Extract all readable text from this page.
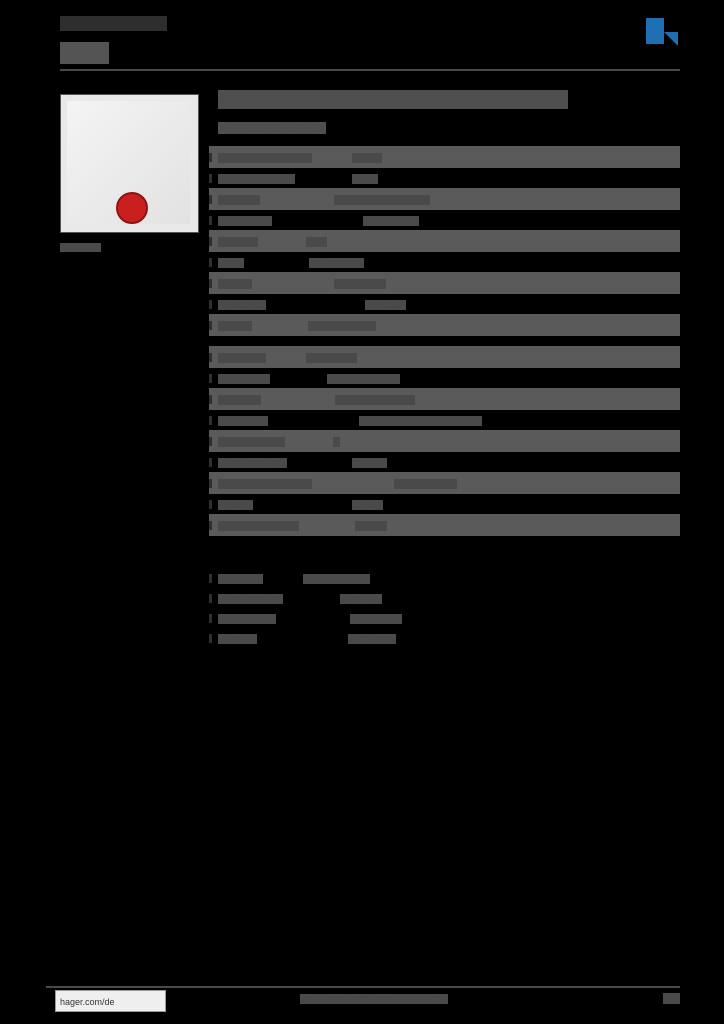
WYW220S1400
1400
WYW220S
Kontrollschalter 10 AX 250 V~ aus/wechsel
Produktbeschreibung
Bemessungsspannung	250 V~
Bemessungsstrom	10 AX
Schaltung	Aus-/Wechselschaltung
Anschlussart	Steckklemme
Schutzart	IP20
Farbe	verkehrsweiß
Material	Thermoplast
Montageart	Unterputz
Normen	DIN EN 60669-1
Ausführung	mit Linse rot
Beleuchtung	LED-Beleuchtung
Kontaktart	Schließer/Wechsler
Befestigung	Schraub- und Krallbefestigung
Klemmenanzahl	4
Leiterquerschnitt	1,5 mm²
Umgebungstemperatur	-5 °C ... +45 °C
Gewicht	0,05 kg
Verpackungseinheit	1 Stück
EAN-Code	3250617700122
Zolltarifnummer	85365080
Herkunftsland	Deutschland
Lieferzeit	auf Anfrage
hager.com/de	Technische Änderungen vorbehalten	1/2
